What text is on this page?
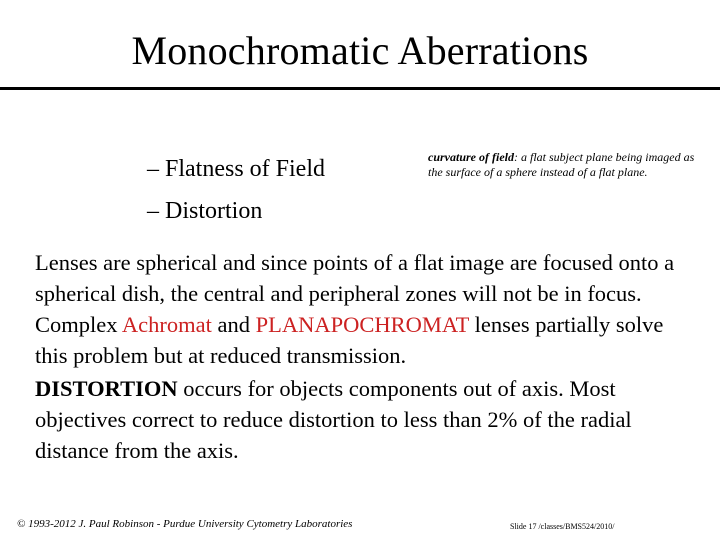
Monochromatic Aberrations
– Flatness of Field
– Distortion
curvature of field: a flat subject plane being imaged as the surface of a sphere instead of a flat plane.
Lenses are spherical and since points of a flat image are focused onto a spherical dish, the central and peripheral zones will not be in focus. Complex Achromat and PLANAPOCHROMAT lenses partially solve this problem but at reduced transmission.
DISTORTION occurs for objects components out of axis. Most objectives correct to reduce distortion to less than 2% of the radial distance from the axis.
© 1993-2012 J. Paul Robinson - Purdue University Cytometry Laboratories	Slide 17 /classes/BMS524/2010/
